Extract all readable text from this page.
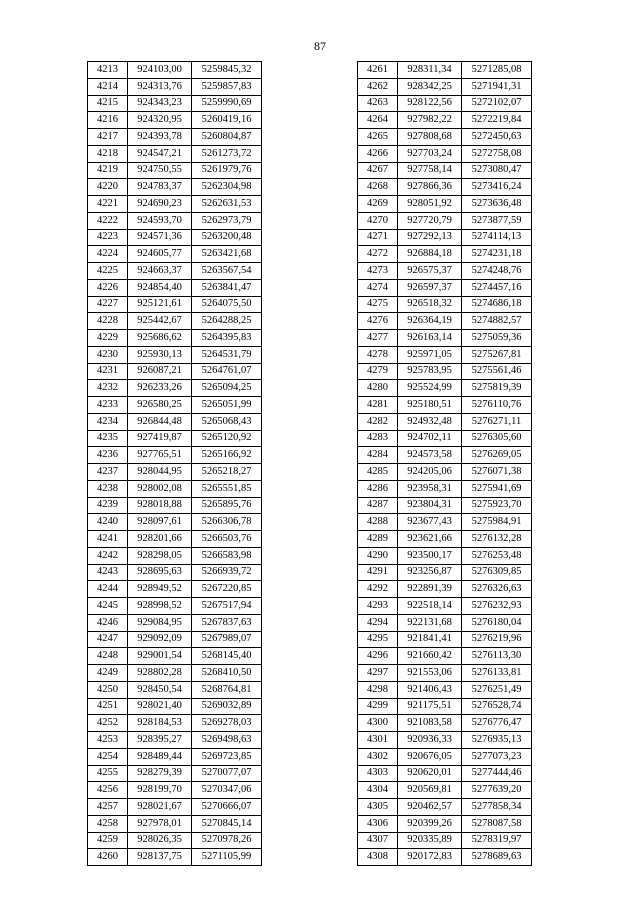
87
4213	924103,00	5259845,32
4214	924313,76	5259857,83
4215	924343,23	5259990,69
4216	924320,95	5260419,16
4217	924393,78	5260804,87
4218	924547,21	5261273,72
4219	924750,55	5261979,76
4220	924783,37	5262304,98
4221	924690,23	5262631,53
4222	924593,70	5262973,79
4223	924571,36	5263200,48
4224	924605,77	5263421,68
4225	924663,37	5263567,54
4226	924854,40	5263841,47
4227	925121,61	5264075,50
4228	925442,67	5264288,25
4229	925686,62	5264395,83
4230	925930,13	5264531,79
4231	926087,21	5264761,07
4232	926233,26	5265094,25
4233	926580,25	5265051,99
4234	926844,48	5265068,43
4235	927419,87	5265120,92
4236	927765,51	5265166,92
4237	928044,95	5265218,27
4238	928002,08	5265551,85
4239	928018,88	5265895,76
4240	928097,61	5266306,78
4241	928201,66	5266503,76
4242	928298,05	5266583,98
4243	928695,63	5266939,72
4244	928949,52	5267220,85
4245	928998,52	5267517,94
4246	929084,95	5267837,63
4247	929092,09	5267989,07
4248	929001,54	5268145,40
4249	928802,28	5268410,50
4250	928450,54	5268764,81
4251	928021,40	5269032,89
4252	928184,53	5269278,03
4253	928395,27	5269498,63
4254	928489,44	5269723,85
4255	928279,39	5270077,07
4256	928199,70	5270347,06
4257	928021,67	5270666,07
4258	927978,01	5270845,14
4259	928026,35	5270978,26
4260	928137,75	5271105,99
4261	928311,34	5271285,08
4262	928342,25	5271941,31
4263	928122,56	5272102,07
4264	927982,22	5272219,84
4265	927808,68	5272450,63
4266	927703,24	5272758,08
4267	927758,14	5273080,47
4268	927866,36	5273416,24
4269	928051,92	5273636,48
4270	927720,79	5273877,59
4271	927292,13	5274114,13
4272	926884,18	5274231,18
4273	926575,37	5274248,76
4274	926597,37	5274457,16
4275	926518,32	5274686,18
4276	926364,19	5274882,57
4277	926163,14	5275059,36
4278	925971,05	5275267,81
4279	925783,95	5275561,46
4280	925524,99	5275819,39
4281	925180,51	5276110,76
4282	924932,48	5276271,11
4283	924702,11	5276305,60
4284	924573,58	5276269,05
4285	924205,06	5276071,38
4286	923958,31	5275941,69
4287	923804,31	5275923,70
4288	923677,43	5275984,91
4289	923621,66	5276132,28
4290	923500,17	5276253,48
4291	923256,87	5276309,85
4292	922891,39	5276326,63
4293	922518,14	5276232,93
4294	922131,68	5276180,04
4295	921841,41	5276219,96
4296	921660,42	5276113,30
4297	921553,06	5276133,81
4298	921406,43	5276251,49
4299	921175,51	5276528,74
4300	921083,58	5276776,47
4301	920936,33	5276935,13
4302	920676,05	5277073,23
4303	920620,01	5277444,46
4304	920569,81	5277639,20
4305	920462,57	5277858,34
4306	920399,26	5278087,58
4307	920335,89	5278319,97
4308	920172,83	5278689,63
